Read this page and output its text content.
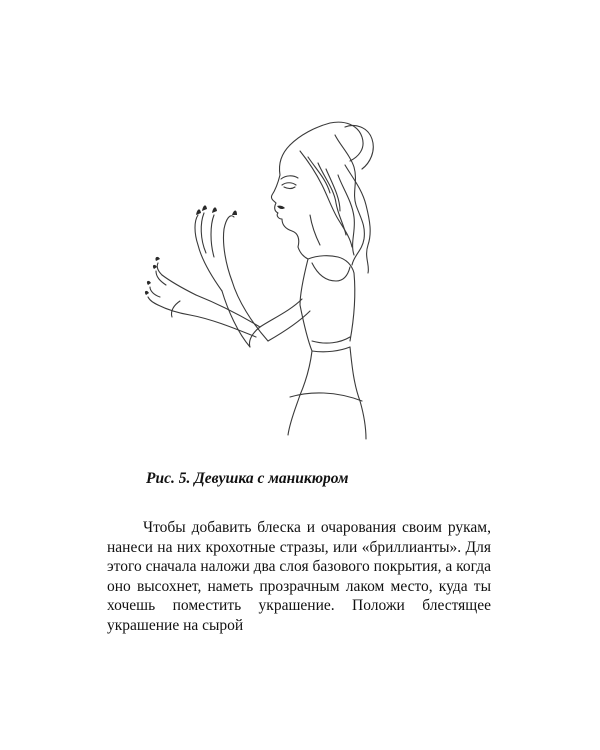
Рис. 5. Девушка с маникюром

Чтобы добавить блеска и очарования своим рукам, нанеси на них крохотные стразы, или «бриллианты». Для этого сначала наложи два слоя базового покрытия, а когда оно высохнет, наметь прозрачным лаком место, куда ты хочешь поместить украшение. Положи блестящее украшение на сырой
